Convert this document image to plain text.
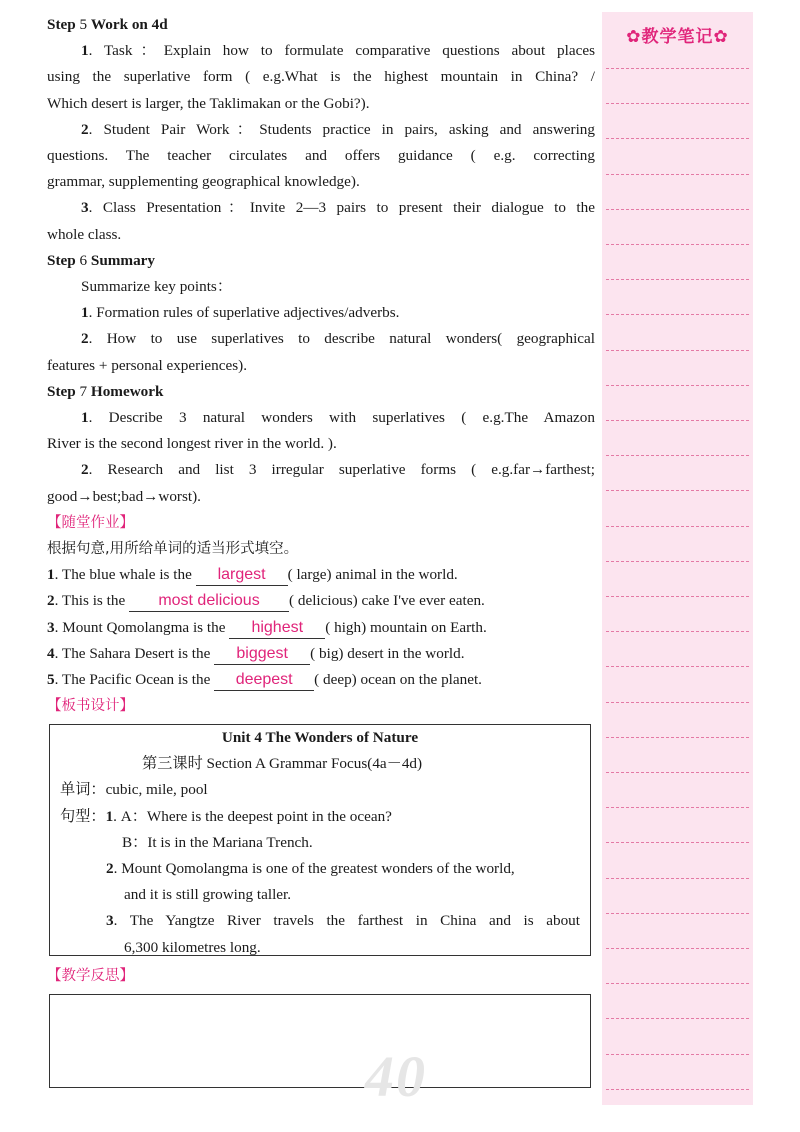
Step 5 Work on 4d
1. Task：Explain how to formulate comparative questions about places
using the superlative form ( e.g.What is the highest mountain in China? /
Which desert is larger, the Taklimakan or the Gobi?).
2. Student Pair Work：Students practice in pairs, asking and answering
questions. The teacher circulates and offers guidance ( e.g. correcting
grammar, supplementing geographical knowledge).
3. Class Presentation：Invite 2—3 pairs to present their dialogue to the
whole class.
Step 6 Summary
Summarize key points：
1. Formation rules of superlative adjectives/adverbs.
2. How to use superlatives to describe natural wonders( geographical
features + personal experiences).
Step 7 Homework
1. Describe 3 natural wonders with superlatives ( e.g.The Amazon
River is the second longest river in the world. ).
2. Research and list 3 irregular superlative forms ( e.g.far→farthest;
good→best;bad→worst).
【随堂作业】
根据句意,用所给单词的适当形式填空。
1. The blue whale is the largest ( large) animal in the world.
2. This is the most delicious ( delicious) cake I've ever eaten.
3. Mount Qomolangma is the highest ( high) mountain on Earth.
4. The Sahara Desert is the biggest ( big) desert in the world.
5. The Pacific Ocean is the deepest ( deep) ocean on the planet.
【板书设计】
Unit 4 The Wonders of Nature
第三课时 Section A Grammar Focus(4a－4d)
单词：cubic, mile, pool
句型：1. A：Where is the deepest point in the ocean?
B：It is in the Mariana Trench.
2. Mount Qomolangma is one of the greatest wonders of the world,
and it is still growing taller.
3. The Yangtze River travels the farthest in China and is about
6,300 kilometres long.
【教学反思】
40
✿教学笔记✿
